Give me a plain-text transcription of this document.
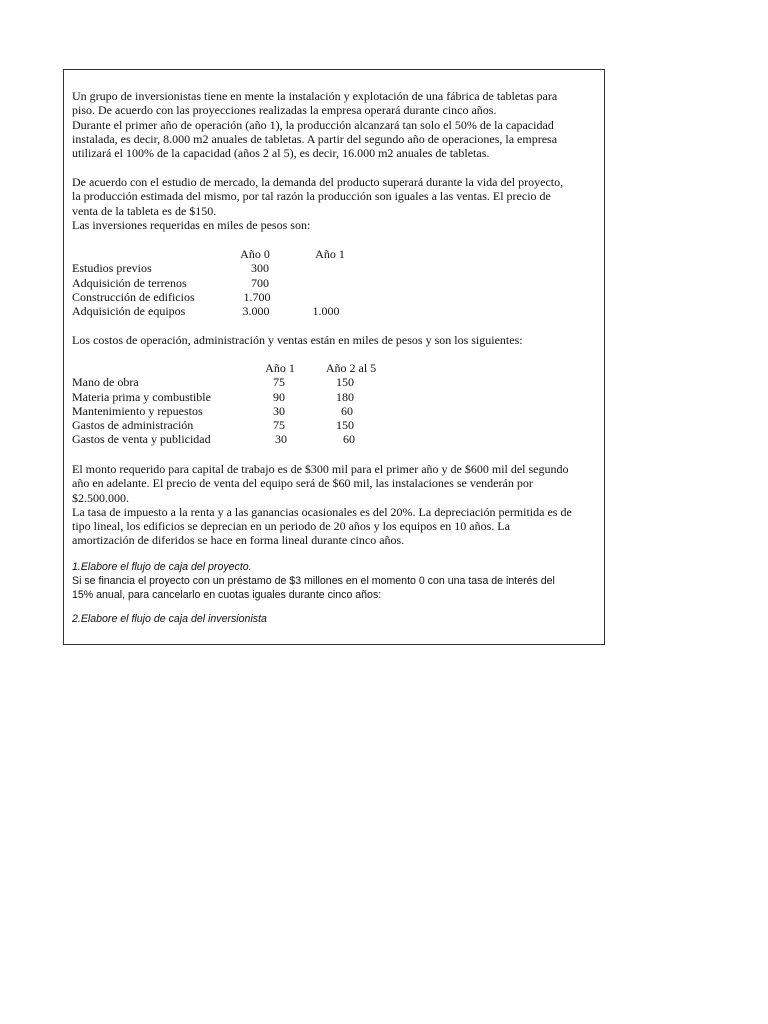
Un grupo de inversionistas tiene en mente la instalación y explotación de una fábrica de tabletas para

piso. De acuerdo con las proyecciones realizadas la empresa operará durante cinco años.

Durante el primer año de operación (año 1), la producción alcanzará tan solo el 50% de la capacidad

instalada, es decir, 8.000 m2 anuales de tabletas. A partir del segundo año de operaciones, la empresa

utilizará el 100% de la capacidad (años 2 al 5), es decir, 16.000 m2 anuales de tabletas.

De acuerdo con el estudio de mercado, la demanda del producto superará durante la vida del proyecto,

la producción estimada del mismo, por tal razón la producción son iguales a las ventas. El precio de

venta de la tableta es de $150.

Las inversiones requeridas en miles de pesos son:

Año 0	Año 1
Estudios previos	300
Adquisición de terrenos	700
Construcción de edificios	1.700
Adquisición de equipos	3.000	1.000

Los costos de operación, administración y ventas están en miles de pesos y son los siguientes:

Año 1	Año 2 al 5
Mano de obra	75	150
Materia prima y combustible	90	180
Mantenimiento y repuestos	30	60
Gastos de administración	75	150
Gastos de venta y publicidad	30	60

El monto requerido para capital de trabajo es de $300 mil para el primer año y de $600 mil del segundo

año en adelante. El precio de venta del equipo será de $60 mil, las instalaciones se venderán por

$2.500.000.

La tasa de impuesto a la renta y a las ganancias ocasionales es del 20%. La depreciación permitida es de

tipo lineal, los edificios se deprecian en un periodo de 20 años y los equipos en 10 años. La

amortización de diferidos se hace en forma lineal durante cinco años.

1.Elabore el flujo de caja del proyecto.

Si se financia el proyecto con un préstamo de $3 millones en el momento 0 con una tasa de interés del

15% anual, para cancelarlo en cuotas iguales durante cinco años:

2.Elabore el flujo de caja del inversionista
